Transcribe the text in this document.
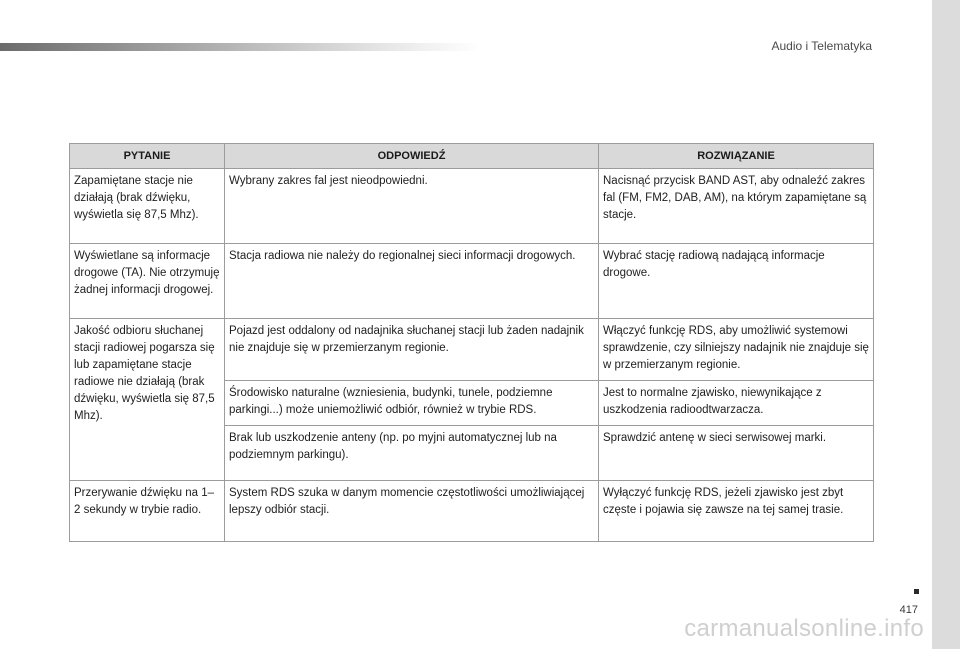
Audio i Telematyka
PYTANIE	ODPOWIEDŹ	ROZWIĄZANIE
Zapamiętane stacje nie działają (brak dźwięku, wyświetla się 87,5 Mhz).	Wybrany zakres fal jest nieodpowiedni.	Nacisnąć przycisk BAND AST, aby odnaleźć zakres fal (FM, FM2, DAB, AM), na którym zapamiętane są stacje.
Wyświetlane są informacje drogowe (TA). Nie otrzymuję żadnej informacji drogowej.	Stacja radiowa nie należy do regionalnej sieci informacji drogowych.	Wybrać stację radiową nadającą informacje drogowe.
Jakość odbioru słuchanej stacji radiowej pogarsza się lub zapamiętane stacje radiowe nie działają (brak dźwięku, wyświetla się 87,5 Mhz).	Pojazd jest oddalony od nadajnika słuchanej stacji lub żaden nadajnik nie znajduje się w przemierzanym regionie.	Włączyć funkcję RDS, aby umożliwić systemowi sprawdzenie, czy silniejszy nadajnik nie znajduje się w przemierzanym regionie.
	Środowisko naturalne (wzniesienia, budynki, tunele, podziemne parkingi...) może uniemożliwić odbiór, również w trybie RDS.	Jest to normalne zjawisko, niewynikające z uszkodzenia radioodtwarzacza.
	Brak lub uszkodzenie anteny (np. po myjni automatycznej lub na podziemnym parkingu).	Sprawdzić antenę w sieci serwisowej marki.
Przerywanie dźwięku na 1–2 sekundy w trybie radio.	System RDS szuka w danym momencie częstotliwości umożliwiającej lepszy odbiór stacji.	Wyłączyć funkcję RDS, jeżeli zjawisko jest zbyt częste i pojawia się zawsze na tej samej trasie.
417
carmanualsonline.info
